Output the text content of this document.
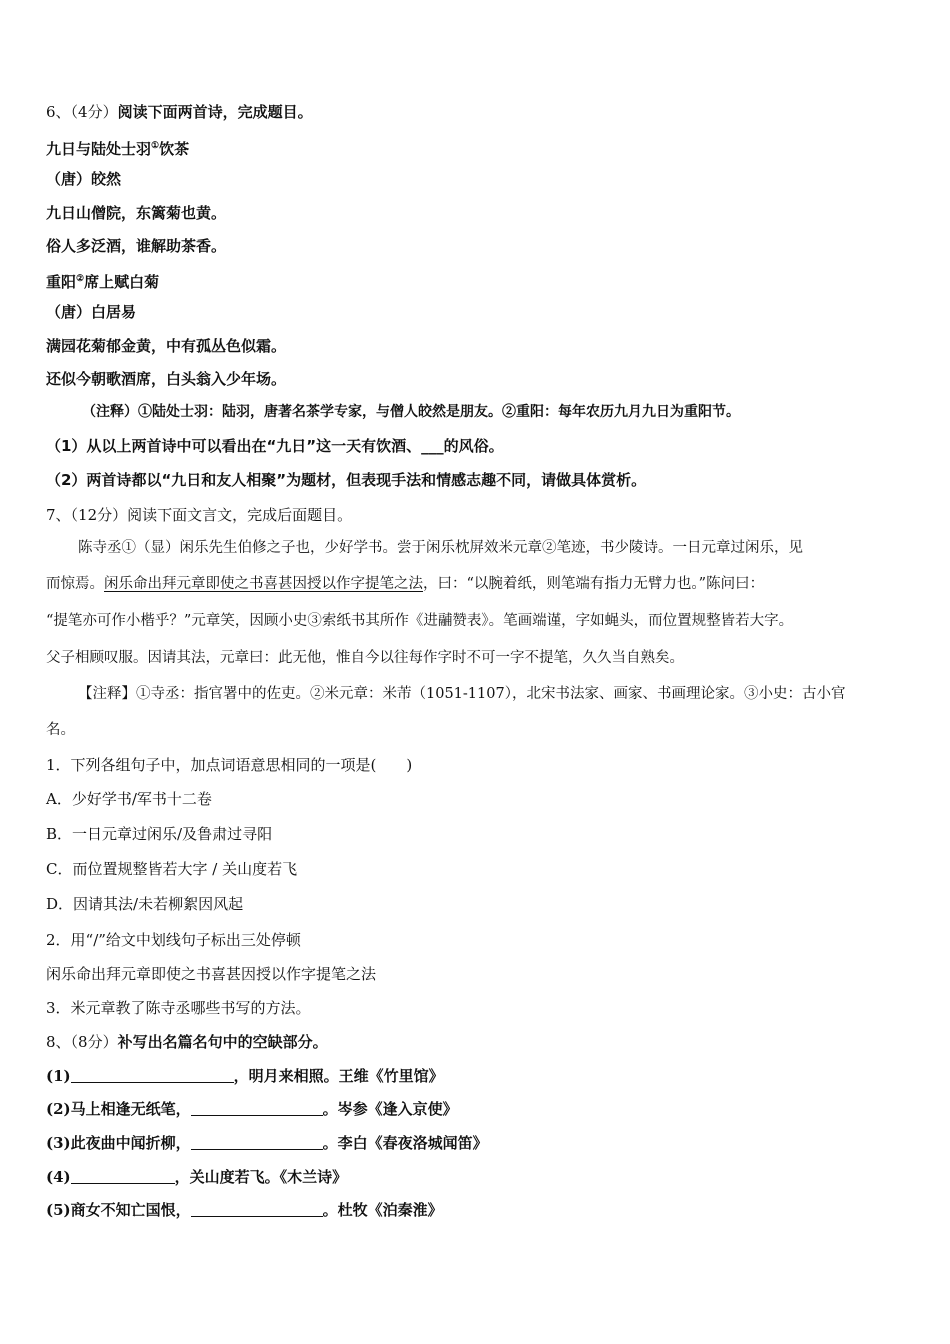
6、（4分）阅读下面两首诗，完成题目。
九日与陆处士羽①饮茶
（唐）皎然
九日山僧院，东篱菊也黄。
俗人多泛酒，谁解助茶香。
重阳②席上赋白菊
（唐）白居易
满园花菊郁金黄，中有孤丛色似霜。
还似今朝歌酒席，白头翁入少年场。
（注释）①陆处士羽：陆羽，唐著名茶学专家，与僧人皎然是朋友。②重阳：每年农历九月九日为重阳节。
（1）从以上两首诗中可以看出在“九日”这一天有饮酒、___的风俗。
（2）两首诗都以“九日和友人相聚”为题材，但表现手法和情感志趣不同，请做具体赏析。
7、（12分）阅读下面文言文，完成后面题目。
陈寺丞①（显）闲乐先生伯修之子也，少好学书。尝于闲乐枕屏效米元章②笔迹，书少陵诗。一日元章过闲乐，见
而惊焉。闲乐命出拜元章即使之书喜甚因授以作字提笔之法，曰：“以腕着纸，则笔端有指力无臂力也。”陈问曰：
“提笔亦可作小楷乎？”元章笑，因顾小史③索纸书其所作《进鬴赞表》。笔画端谨，字如蝇头，而位置规整皆若大字。
父子相顾叹服。因请其法，元章曰：此无他，惟自今以往每作字时不可一字不提笔，久久当自熟矣。
【注释】①寺丞：指官署中的佐吏。②米元章：米芾（1051-1107），北宋书法家、画家、书画理论家。③小史：古小官
名。
1．下列各组句子中，加点词语意思相同的一项是(　　)
A．少好学书/军书十二卷
B．一日元章过闲乐/及鲁肃过寻阳
C．而位置规整皆若大字 / 关山度若飞
D．因请其法/未若柳絮因风起
2．用“/”给文中划线句子标出三处停顿
闲乐命出拜元章即使之书喜甚因授以作字提笔之法
3．米元章教了陈寺丞哪些书写的方法。
8、（8分）补写出名篇名句中的空缺部分。
(1)	，明月来相照。王维《竹里馆》
(2)马上相逢无纸笔，	。岑参《逢入京使》
(3)此夜曲中闻折柳，	。李白《春夜洛城闻笛》
(4)	，关山度若飞。《木兰诗》
(5)商女不知亡国恨，	。杜牧《泊秦淮》
